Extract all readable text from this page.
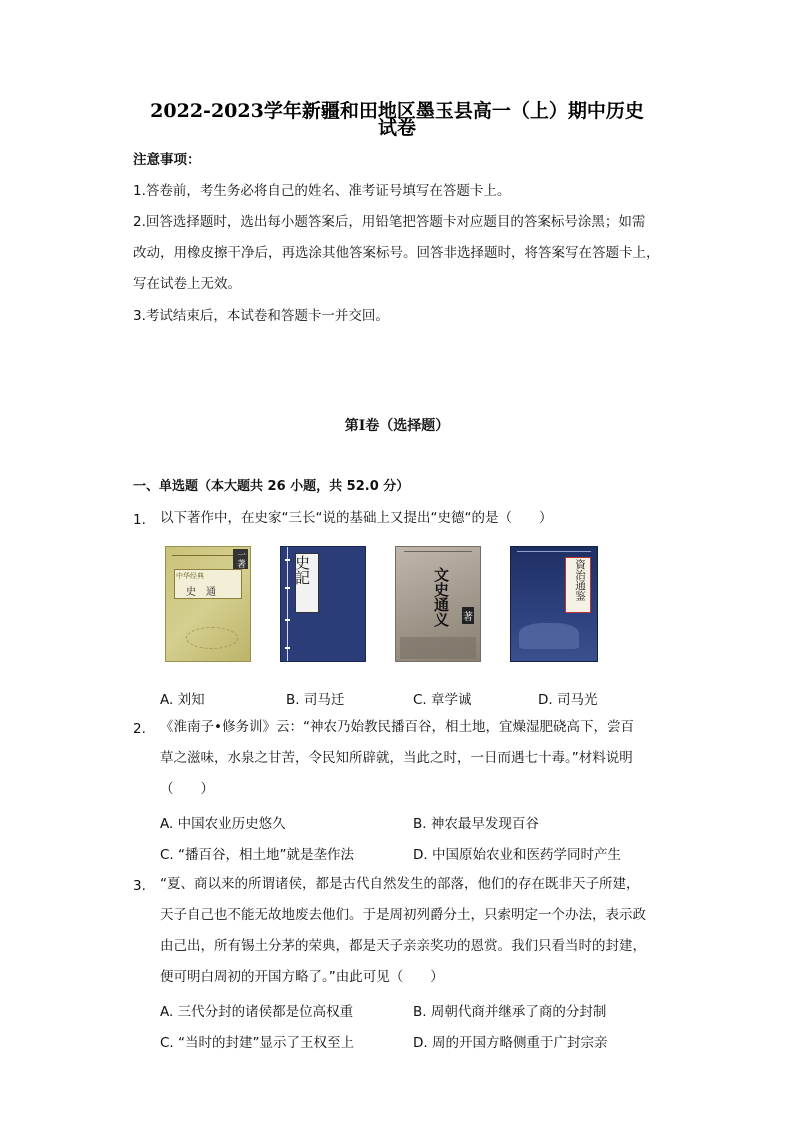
2022-2023学年新疆和田地区墨玉县高一（上）期中历史
试卷
注意事项：
1.答卷前，考生务必将自己的姓名、准考证号填写在答题卡上。
2.回答选择题时，选出每小题答案后，用铅笔把答题卡对应题目的答案标号涂黑；如需
改动，用橡皮擦干净后，再选涂其他答案标号。回答非选择题时，将答案写在答题卡上，
写在试卷上无效。
3.考试结束后，本试卷和答题卡一并交回。
第Ⅰ卷（选择题）
一、单选题（本大题共 26 小题，共 52.0 分）
1. 以下著作中，在史家“三长“说的基础上又提出“史德“的是（　　）
中华经典
史　通
一著	史記	文史通义 著
資治通鉴
A. 刘知	B. 司马迁	C. 章学诚	D. 司马光
2. 《淮南子•修务训》云：“神农乃始教民播百谷，相土地，宜燥湿肥硗高下，尝百
草之滋味，水泉之甘苦，令民知所辟就，当此之时，一日而遇七十毒。”材料说明
（　　）
A. 中国农业历史悠久	B. 神农最早发现百谷
C. “播百谷，相土地”就是垄作法	D. 中国原始农业和医药学同时产生
3. “夏、商以来的所谓诸侯，都是古代自然发生的部落，他们的存在既非天子所建，
天子自己也不能无故地废去他们。于是周初列爵分土，只索明定一个办法，表示政
由己出，所有锡土分茅的荣典，都是天子亲亲奖功的恩赏。我们只看当时的封建，
便可明白周初的开国方略了。”由此可见（　　）
A. 三代分封的诸侯都是位高权重	B. 周朝代商并继承了商的分封制
C. “当时的封建”显示了王权至上	D. 周的开国方略侧重于广封宗亲
